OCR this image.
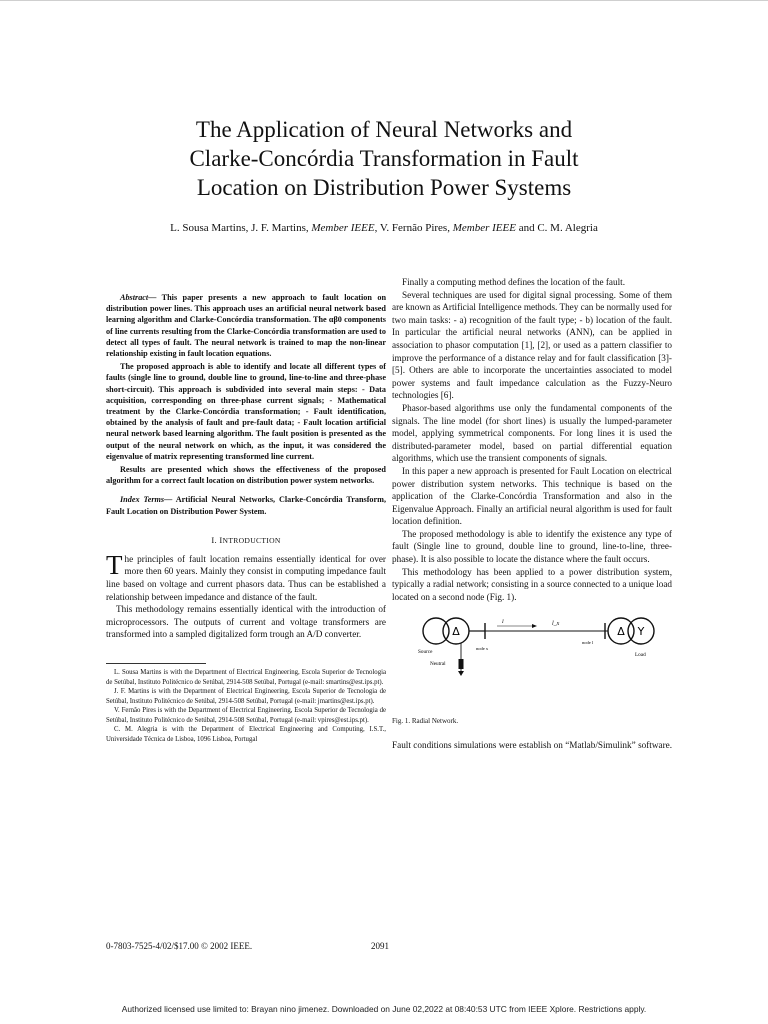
The Application of Neural Networks and
Clarke-Concórdia Transformation in Fault
Location on Distribution Power Systems
L. Sousa Martins, J. F. Martins, Member IEEE, V. Fernão Pires, Member IEEE and C. M. Alegria

Abstract— This paper presents a new approach to fault location on distribution power lines. This approach uses an artificial neural network based learning algorithm and Clarke-Concórdia transformation. The αβ0 components of line currents resulting from the Clarke-Concórdia transformation are used to detect all types of fault. The neural network is trained to map the non-linear relationship existing in fault location equations.

The proposed approach is able to identify and locate all different types of faults (single line to ground, double line to ground, line-to-line and three-phase short-circuit). This approach is subdivided into several main steps: - Data acquisition, corresponding on three-phase current signals; - Mathematical treatment by the Clarke-Concórdia transformation; - Fault identification, obtained by the analysis of fault and pre-fault data; - Fault location artificial neural network based learning algorithm. The fault position is presented as the output of the neural network on which, as the input, it was considered the eigenvalue of matrix representing transformed line current.

Results are presented which shows the effectiveness of the proposed algorithm for a correct fault location on distribution power system networks.

Index Terms— Artificial Neural Networks, Clarke-Concórdia Transform, Fault Location on Distribution Power System.

I. INTRODUCTION

The principles of fault location remains essentially identical for over more then 60 years. Mainly they consist in computing impedance fault line based on voltage and current phasors data. Thus can be established a relationship between impedance and distance of the fault.

This methodology remains essentially identical with the introduction of microprocessors. The outputs of current and voltage transformers are transformed into a sampled digitalized form trough an A/D converter.

L. Sousa Martins is with the Department of Electrical Engineering, Escola Superior de Tecnologia de Setúbal, Instituto Politécnico de Setúbal, 2914-508 Setúbal, Portugal (e-mail: smartins@est.ips.pt).

J. F. Martins is with the Department of Electrical Engineering, Escola Superior de Tecnologia de Setúbal, Instituto Politécnico de Setúbal, 2914-508 Setúbal, Portugal (e-mail: jmartins@est.ips.pt).

V. Fernão Pires is with the Department of Electrical Engineering, Escola Superior de Tecnologia de Setúbal, Instituto Politécnico de Setúbal, 2914-508 Setúbal, Portugal (e-mail: vpires@est.ips.pt).

C. M. Alegria is with the Department of Electrical Engineering and Computing, I.S.T., Universidade Técnica de Lisboa, 1096 Lisboa, Portugal

Finally a computing method defines the location of the fault.

Several techniques are used for digital signal processing. Some of them are known as Artificial Intelligence methods. They can be normally used for two main tasks: - a) recognition of the fault type; - b) location of the fault. In particular the artificial neural networks (ANN), can be applied in association to phasor computation [1], [2], or used as a pattern classifier to improve the performance of a distance relay and for fault classification [3]-[5]. Others are able to incorporate the uncertainties associated to model power systems and fault impedance calculation as the Fuzzy-Neuro technologies [6].

Phasor-based algorithms use only the fundamental components of the signals. The line model (for short lines) is usually the lumped-parameter model, applying symmetrical components. For long lines it is used the distributed-parameter model, based on partial differential equation algorithms, which use the transient components of signals.

In this paper a new approach is presented for Fault Location on electrical power distribution system networks. This technique is based on the application of the Clarke-Concórdia Transformation and also in the Eigenvalue Approach. Finally an artificial neural algorithm is used for fault location definition.

The proposed methodology is able to identify the existence any type of fault (Single line to ground, double line to ground, line-to-line, three-phase). It is also possible to locate the distance where the fault occurs.

This methodology has been applied to a power distribution system, typically a radial network; consisting in a source connected to a unique load located on a second node (Fig. 1).

Δ	Δ Y
I	l_x
node x
node l
Source	Load
Neutral
Fig. 1. Radial Network.

Fault conditions simulations were establish on “Matlab/Simulink” software.

0-7803-7525-4/02/$17.00 © 2002 IEEE.	2091
Authorized licensed use limited to: Brayan nino jimenez. Downloaded on June 02,2022 at 08:40:53 UTC from IEEE Xplore. Restrictions apply.
